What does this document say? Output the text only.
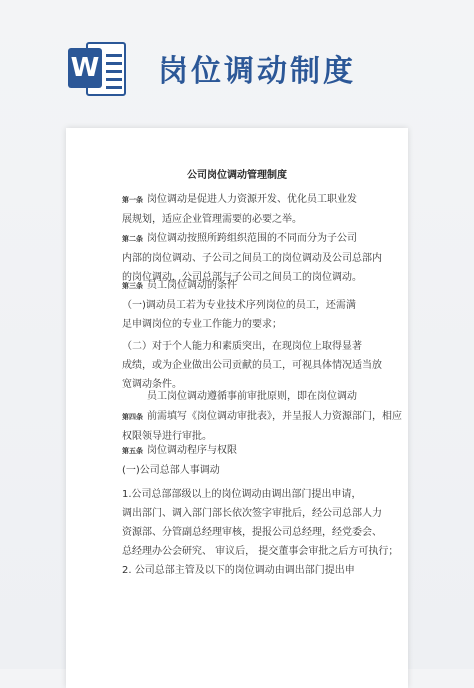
W 岗位调动制度
公司岗位调动管理制度

第一条 岗位调动是促进人力资源开发、优化员工职业发

展规划，适应企业管理需要的必要之举。

第二条 岗位调动按照所跨组织范围的不同而分为子公司

内部的岗位调动、子公司之间员工的岗位调动及公司总部内

的岗位调动，公司总部与子公司之间员工的岗位调动。

第三条 员工岗位调动的条件

（一)调动员工若为专业技术序列岗位的员工，还需满

足申调岗位的专业工作能力的要求；

（二）对于个人能力和素质突出，在现岗位上取得显著

成绩，或为企业做出公司贡献的员工，可视具体情况适当放

宽调动条件。

员工岗位调动遵循事前审批原则，即在岗位调动

第四条 前需填写《岗位调动审批表》，并呈报人力资源部门，相应

权限领导进行审批。

第五条 岗位调动程序与权限

(一)公司总部人事调动

1.公司总部部级以上的岗位调动由调出部门提出申请，

调出部门、调入部门部长依次签字审批后，经公司总部人力

资源部、分管副总经理审核，提报公司总经理，经党委会、

总经理办公会研究、 审议后， 提交董事会审批之后方可执行；

2. 公司总部主管及以下的岗位调动由调出部门提出申
